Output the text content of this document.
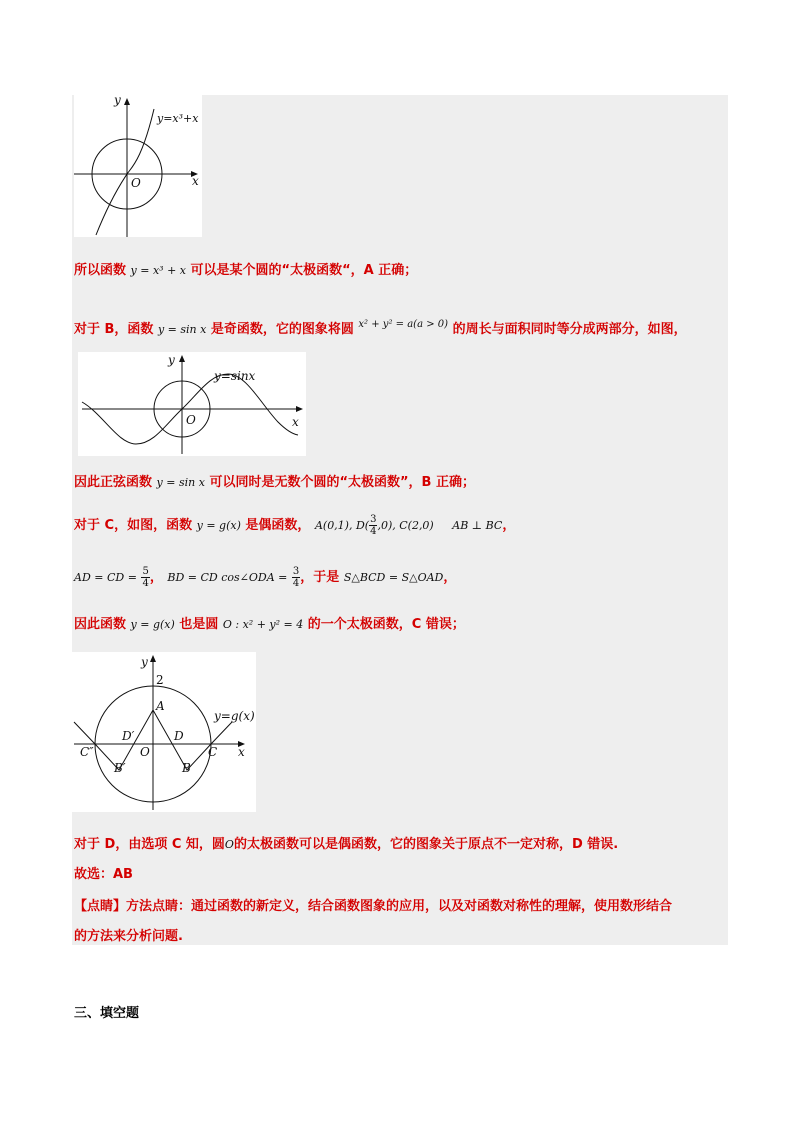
y
x
O
y=x³+x
所以函数 y = x³ + x 可以是某个圆的“太极函数“，A 正确；
对于 B，函数 y = sin x 是奇函数，它的图象将圆 $^{x^2 + y^2 = a(a > 0)}$ 的周长与面积同时等分成两部分，如图，
y
x
O
y=sinx
因此正弦函数 y = sin x 可以同时是无数个圆的“太极函数”，B 正确；
对于 C，如图，函数 y = g(x) 是偶函数， A(0,1), $D( \frac{3}{4} ,0)$, C(2,0) AB ⊥ BC，
AD = CD = $\frac{5}{4}$ ， BD = CD cos∠ODA = $\frac{3}{4}$ ，于是 S△BCD = S△OAD，
因此函数 y = g(x) 也是圆 O : x² + y² = 4 的一个太极函数，C 错误；
y
x
2
A
D′	D
O
C″	C
B′	B
y=g(x)
对于 D，由选项 C 知，圆O的太极函数可以是偶函数，它的图象关于原点不一定对称，D 错误.
故选：AB
【点睛】方法点睛：通过函数的新定义，结合函数图象的应用，以及对函数对称性的理解，使用数形结合
的方法来分析问题.
三、填空题
